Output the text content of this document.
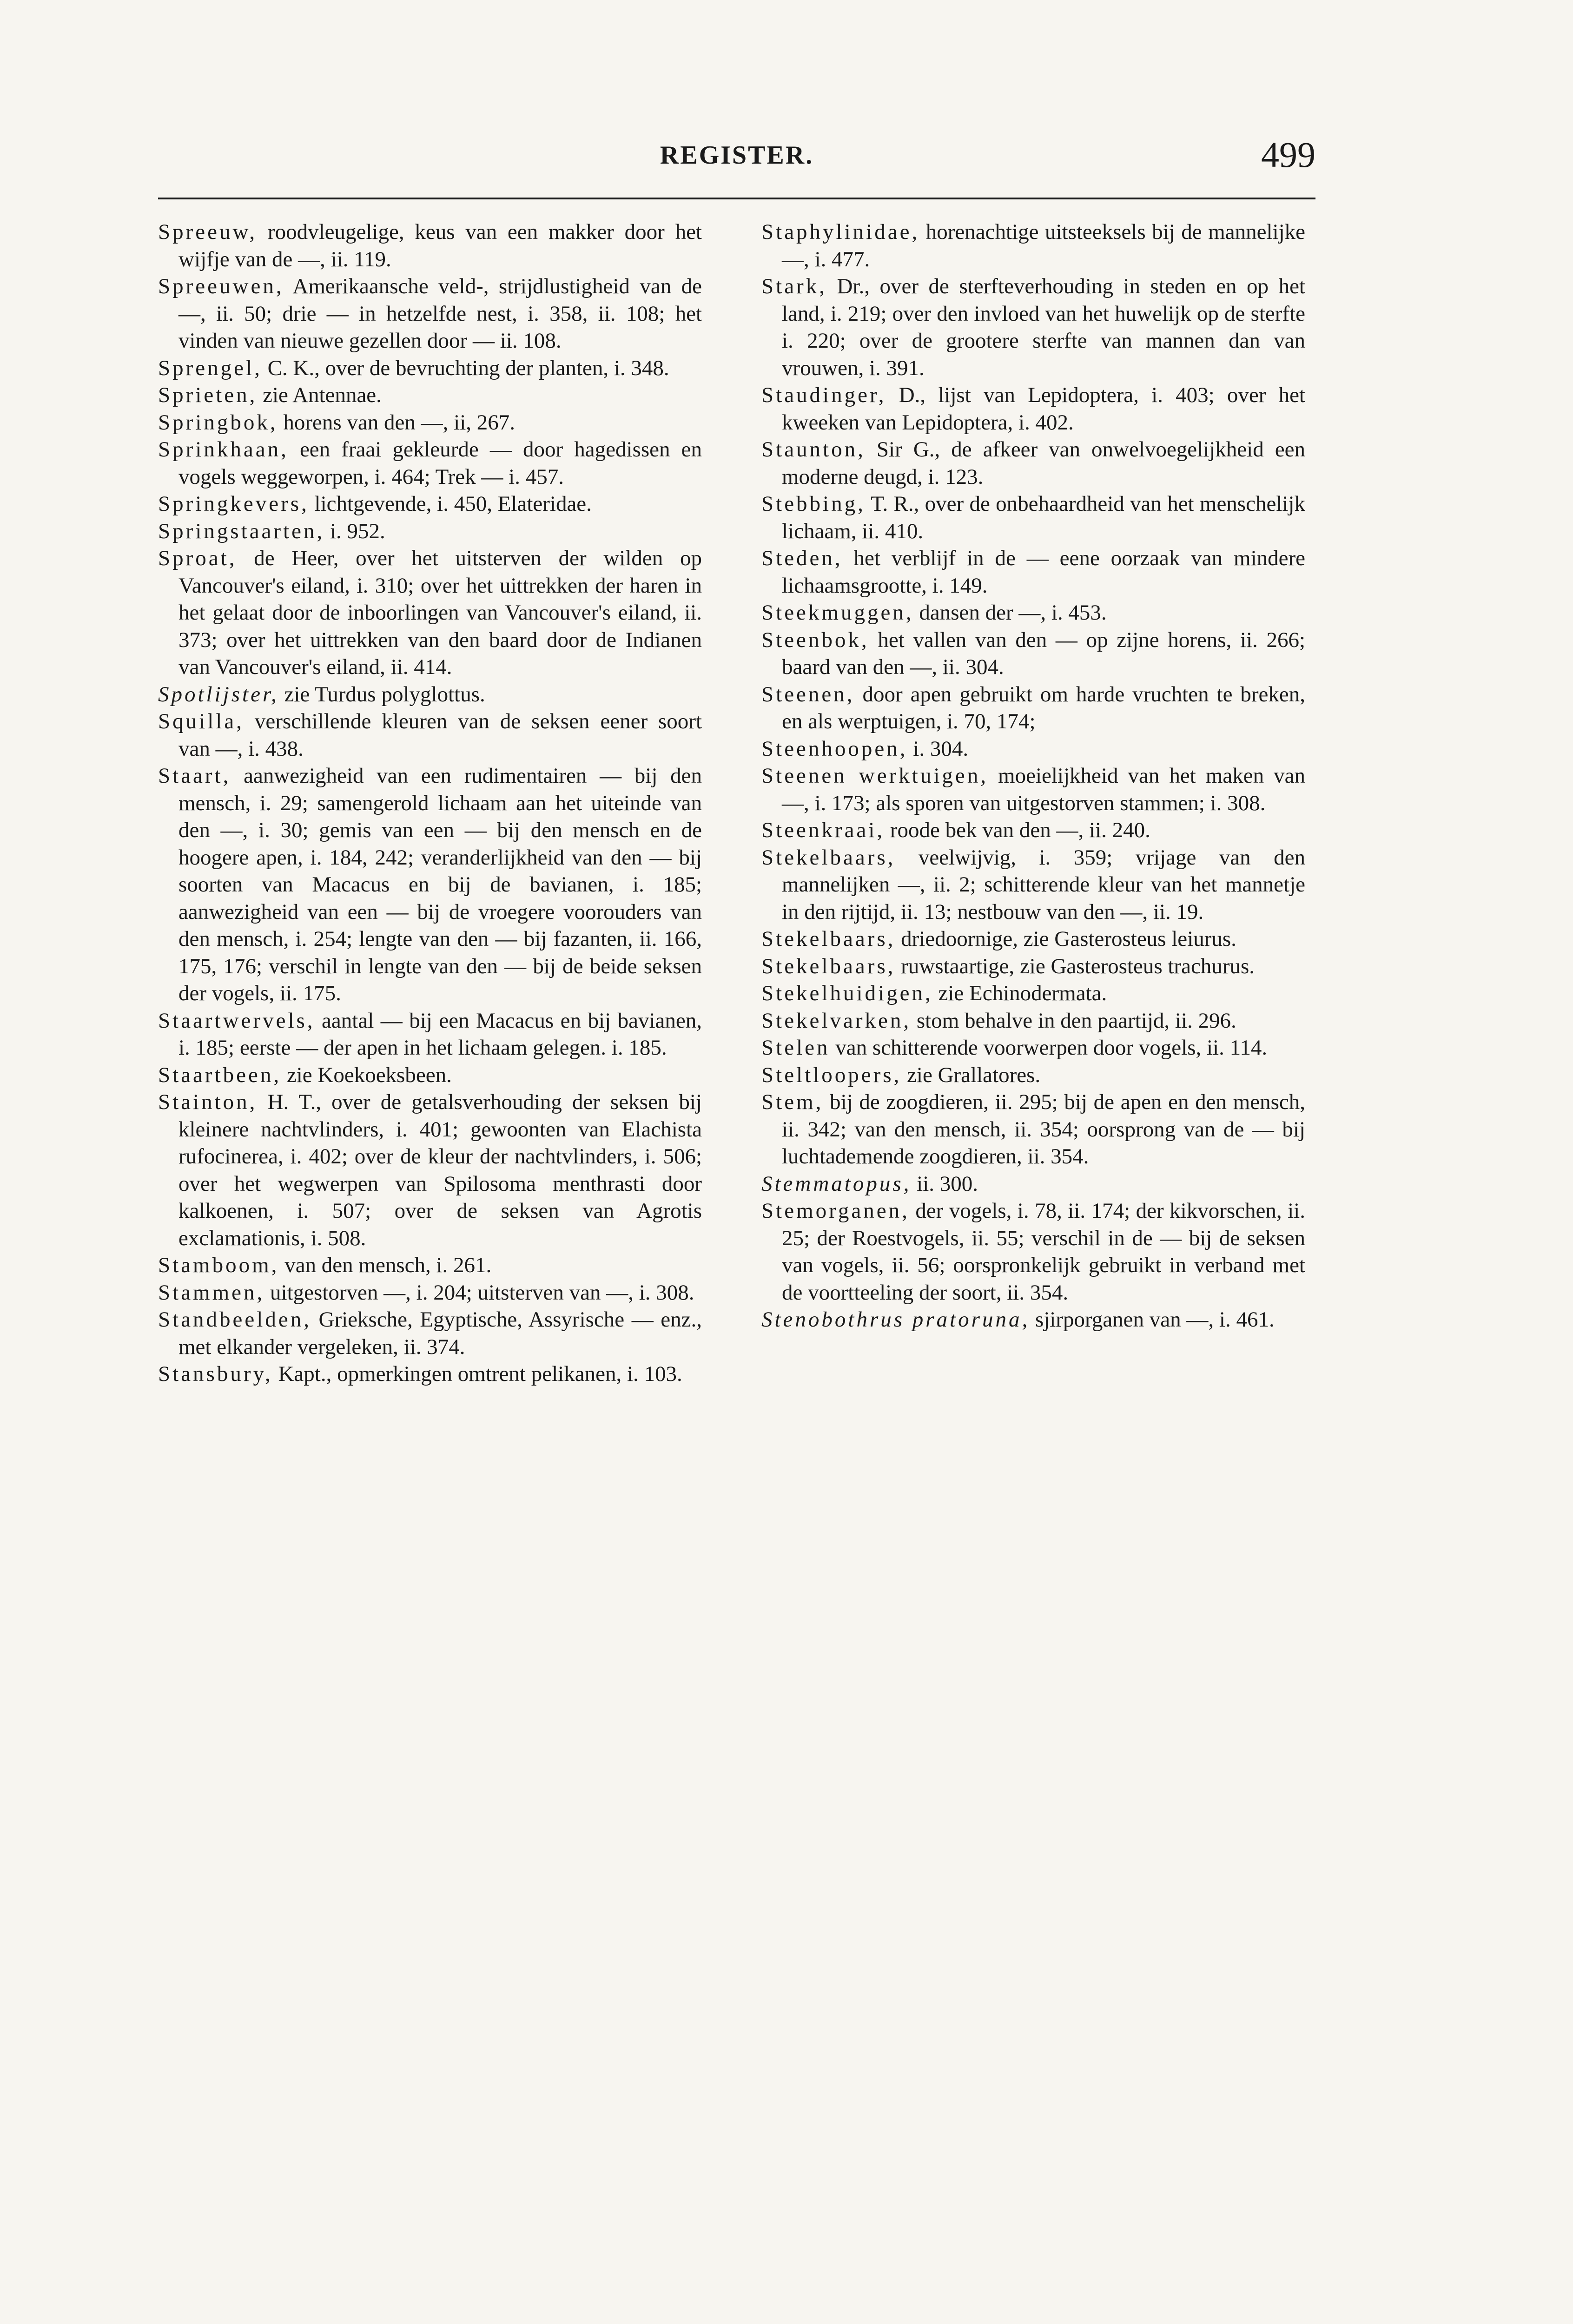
REGISTER.	499
Spreeuw, roodvleugelige, keus van een makker door het wijfje van de —, ii. 119.
Spreeuwen, Amerikaansche veld-, strijdlustigheid van de —, ii. 50; drie — in hetzelfde nest, i. 358, ii. 108; het vinden van nieuwe gezellen door — ii. 108.
Sprengel, C. K., over de bevruchting der planten, i. 348.
Sprieten, zie Antennae.
Springbok, horens van den —, ii, 267.
Sprinkhaan, een fraai gekleurde — door hagedissen en vogels weggeworpen, i. 464; Trek — i. 457.
Springkevers, lichtgevende, i. 450, Elateridae.
Springstaarten, i. 952.
Sproat, de Heer, over het uitsterven der wilden op Vancouver's eiland, i. 310; over het uittrekken der haren in het gelaat door de inboorlingen van Vancouver's eiland, ii. 373; over het uittrekken van den baard door de Indianen van Vancouver's eiland, ii. 414.
Spotlijster, zie Turdus polyglottus.
Squilla, verschillende kleuren van de seksen eener soort van —, i. 438.
Staart, aanwezigheid van een rudimentairen — bij den mensch, i. 29; samengerold lichaam aan het uiteinde van den —, i. 30; gemis van een — bij den mensch en de hoogere apen, i. 184, 242; veranderlijkheid van den — bij soorten van Macacus en bij de bavianen, i. 185; aanwezigheid van een — bij de vroegere voorouders van den mensch, i. 254; lengte van den — bij fazanten, ii. 166, 175, 176; verschil in lengte van den — bij de beide seksen der vogels, ii. 175.
Staartwervels, aantal — bij een Macacus en bij bavianen, i. 185; eerste — der apen in het lichaam gelegen. i. 185.
Staartbeen, zie Koekoeksbeen.
Stainton, H. T., over de getalsverhouding der seksen bij kleinere nachtvlinders, i. 401; gewoonten van Elachista rufocinerea, i. 402; over de kleur der nachtvlinders, i. 506; over het wegwerpen van Spilosoma menthrasti door kalkoenen, i. 507; over de seksen van Agrotis exclamationis, i. 508.
Stamboom, van den mensch, i. 261.
Stammen, uitgestorven —, i. 204; uitsterven van —, i. 308.
Standbeelden, Grieksche, Egyptische, Assyrische — enz., met elkander vergeleken, ii. 374.
Stansbury, Kapt., opmerkingen omtrent pelikanen, i. 103.
Staphylinidae, horenachtige uitsteeksels bij de mannelijke —, i. 477.
Stark, Dr., over de sterfteverhouding in steden en op het land, i. 219; over den invloed van het huwelijk op de sterfte i. 220; over de grootere sterfte van mannen dan van vrouwen, i. 391.
Staudinger, D., lijst van Lepidoptera, i. 403; over het kweeken van Lepidoptera, i. 402.
Staunton, Sir G., de afkeer van onwelvoegelijkheid een moderne deugd, i. 123.
Stebbing, T. R., over de onbehaardheid van het menschelijk lichaam, ii. 410.
Steden, het verblijf in de — eene oorzaak van mindere lichaamsgrootte, i. 149.
Steekmuggen, dansen der —, i. 453.
Steenbok, het vallen van den — op zijne horens, ii. 266; baard van den —, ii. 304.
Steenen, door apen gebruikt om harde vruchten te breken, en als werptuigen, i. 70, 174;
Steenhoopen, i. 304.
Steenen werktuigen, moeielijkheid van het maken van —, i. 173; als sporen van uitgestorven stammen; i. 308.
Steenkraai, roode bek van den —, ii. 240.
Stekelbaars, veelwijvig, i. 359; vrijage van den mannelijken —, ii. 2; schitterende kleur van het mannetje in den rijtijd, ii. 13; nestbouw van den —, ii. 19.
Stekelbaars, driedoornige, zie Gasterosteus leiurus.
Stekelbaars, ruwstaartige, zie Gasterosteus trachurus.
Stekelhuidigen, zie Echinodermata.
Stekelvarken, stom behalve in den paartijd, ii. 296.
Stelen van schitterende voorwerpen door vogels, ii. 114.
Steltloopers, zie Grallatores.
Stem, bij de zoogdieren, ii. 295; bij de apen en den mensch, ii. 342; van den mensch, ii. 354; oorsprong van de — bij luchtademende zoogdieren, ii. 354.
Stemmatopus, ii. 300.
Stemorganen, der vogels, i. 78, ii. 174; der kikvorschen, ii. 25; der Roestvogels, ii. 55; verschil in de — bij de seksen van vogels, ii. 56; oorspronkelijk gebruikt in verband met de voortteeling der soort, ii. 354.
Stenobothrus pratoruna, sjirporganen van —, i. 461.
